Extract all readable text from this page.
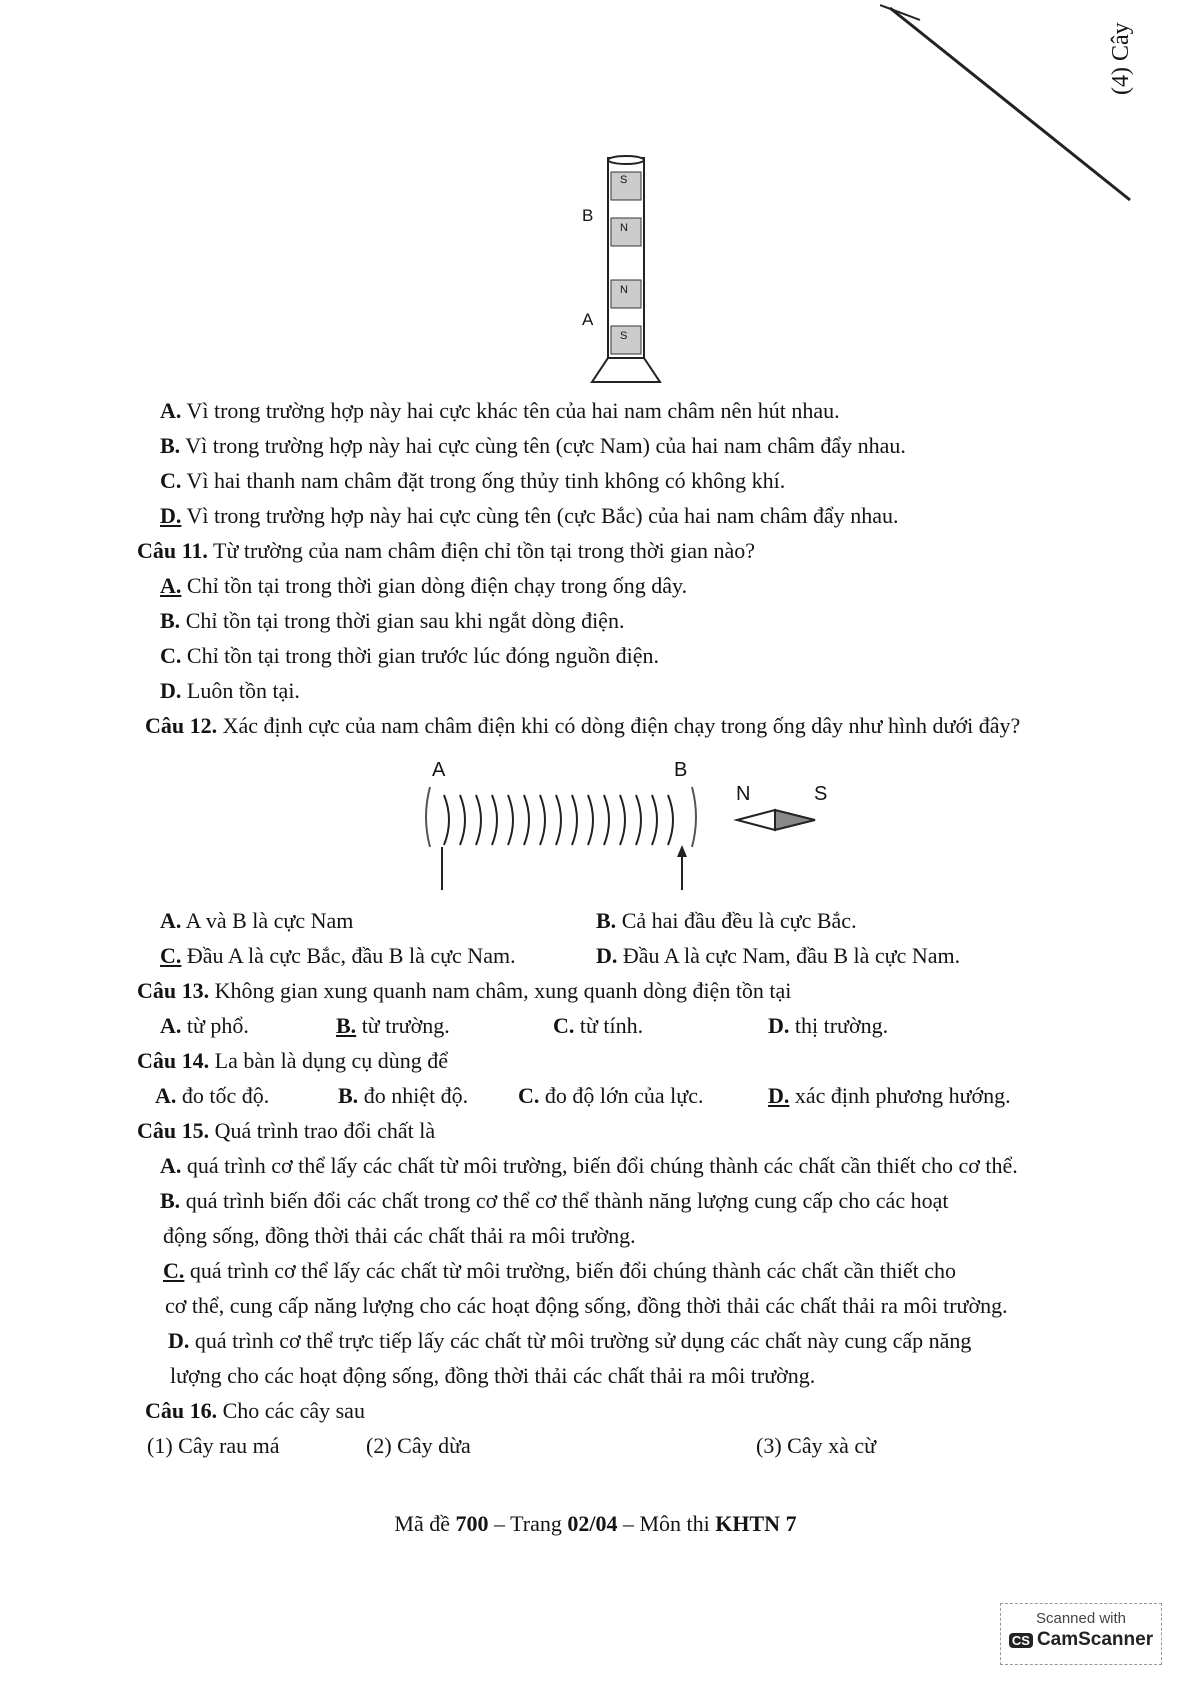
(4) Cây
B
A
S
N
N
S
A. Vì trong trường hợp này hai cực khác tên của hai nam châm nên hút nhau.
B. Vì trong trường hợp này hai cực cùng tên (cực Nam) của hai nam châm đẩy nhau.
C. Vì hai thanh nam châm đặt trong ống thủy tinh không có không khí.
D. Vì trong trường hợp này hai cực cùng tên (cực Bắc) của hai nam châm đẩy nhau.
Câu 11. Từ trường của nam châm điện chỉ tồn tại trong thời gian nào?
A. Chỉ tồn tại trong thời gian dòng điện chạy trong ống dây.
B. Chỉ tồn tại trong thời gian sau khi ngắt dòng điện.
C. Chỉ tồn tại trong thời gian trước lúc đóng nguồn điện.
D. Luôn tồn tại.
Câu 12. Xác định cực của nam châm điện khi có dòng điện chạy trong ống dây như hình dưới đây?
A	B
N	S
A. A và B là cực Nam	B. Cả hai đầu đều là cực Bắc.
C. Đầu A là cực Bắc, đầu B là cực Nam.	D. Đầu A là cực Nam, đầu B là cực Nam.
Câu 13. Không gian xung quanh nam châm, xung quanh dòng điện tồn tại
A. từ phổ.	B. từ trường.	C. từ tính.	D. thị trường.
Câu 14. La bàn là dụng cụ dùng để
A. đo tốc độ.	B. đo nhiệt độ. C. đo độ lớn của lực.	D. xác định phương hướng.
Câu 15. Quá trình trao đổi chất là
A. quá trình cơ thể lấy các chất từ môi trường, biến đổi chúng thành các chất cần thiết cho cơ thể.
B. quá trình biến đổi các chất trong cơ thể cơ thể thành năng lượng cung cấp cho các hoạt
động sống, đồng thời thải các chất thải ra môi trường.
C. quá trình cơ thể lấy các chất từ môi trường, biến đổi chúng thành các chất cần thiết cho
cơ thể, cung cấp năng lượng cho các hoạt động sống, đồng thời thải các chất thải ra môi trường.
D. quá trình cơ thể trực tiếp lấy các chất từ môi trường sử dụng các chất này cung cấp năng
lượng cho các hoạt động sống, đồng thời thải các chất thải ra môi trường.
Câu 16. Cho các cây sau
(1) Cây rau má	(2) Cây dừa	(3) Cây xà cừ
Mã đề 700 – Trang 02/04 – Môn thi KHTN 7
Scanned with
CS CamScanner
